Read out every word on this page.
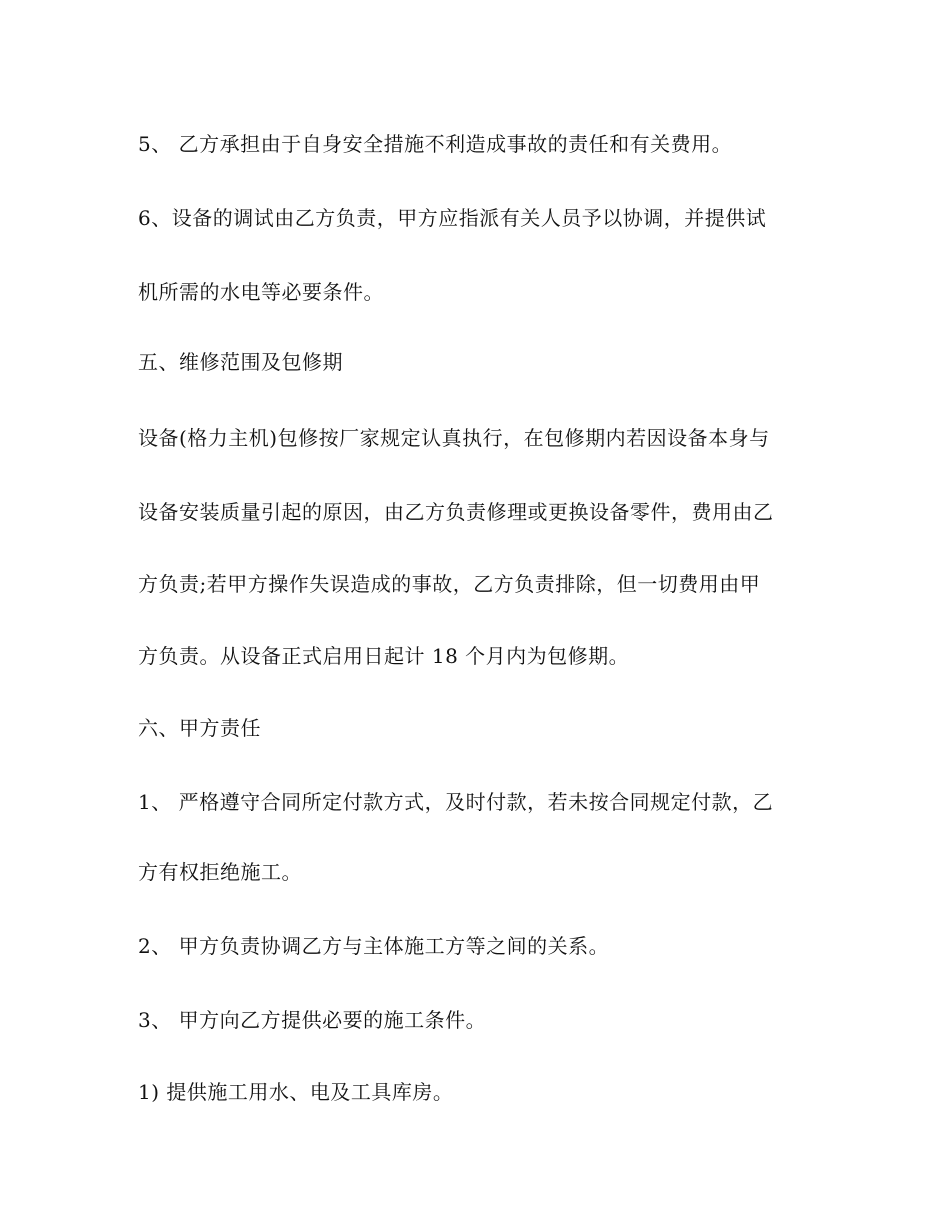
5、 乙方承担由于自身安全措施不利造成事故的责任和有关费用。
6、设备的调试由乙方负责，甲方应指派有关人员予以协调，并提供试
机所需的水电等必要条件。
五、维修范围及包修期
设备(格力主机)包修按厂家规定认真执行，在包修期内若因设备本身与
设备安装质量引起的原因，由乙方负责修理或更换设备零件，费用由乙
方负责;若甲方操作失误造成的事故，乙方负责排除，但一切费用由甲
方负责。从设备正式启用日起计 18 个月内为包修期。
六、甲方责任
1、 严格遵守合同所定付款方式，及时付款，若未按合同规定付款，乙
方有权拒绝施工。
2、 甲方负责协调乙方与主体施工方等之间的关系。
3、 甲方向乙方提供必要的施工条件。
1) 提供施工用水、电及工具库房。
